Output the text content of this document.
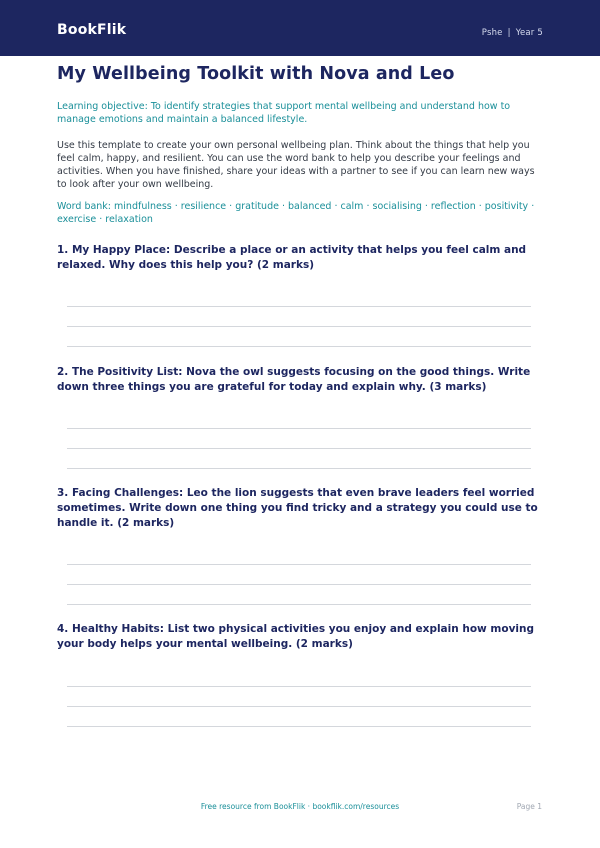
BookFlik	Pshe | Year 5
My Wellbeing Toolkit with Nova and Leo

Learning objective: To identify strategies that support mental wellbeing and understand how to manage emotions and maintain a balanced lifestyle.

Use this template to create your own personal wellbeing plan. Think about the things that help you feel calm, happy, and resilient. You can use the word bank to help you describe your feelings and activities. When you have finished, share your ideas with a partner to see if you can learn new ways to look after your own wellbeing.

Word bank: mindfulness · resilience · gratitude · balanced · calm · socialising · reflection · positivity · exercise · relaxation

1. My Happy Place: Describe a place or an activity that helps you feel calm and relaxed. Why does this help you? (2 marks)

2. The Positivity List: Nova the owl suggests focusing on the good things. Write down three things you are grateful for today and explain why. (3 marks)

3. Facing Challenges: Leo the lion suggests that even brave leaders feel worried sometimes. Write down one thing you find tricky and a strategy you could use to handle it. (2 marks)

4. Healthy Habits: List two physical activities you enjoy and explain how moving your body helps your mental wellbeing. (2 marks)

Free resource from BookFlik · bookflik.com/resources	Page 1
